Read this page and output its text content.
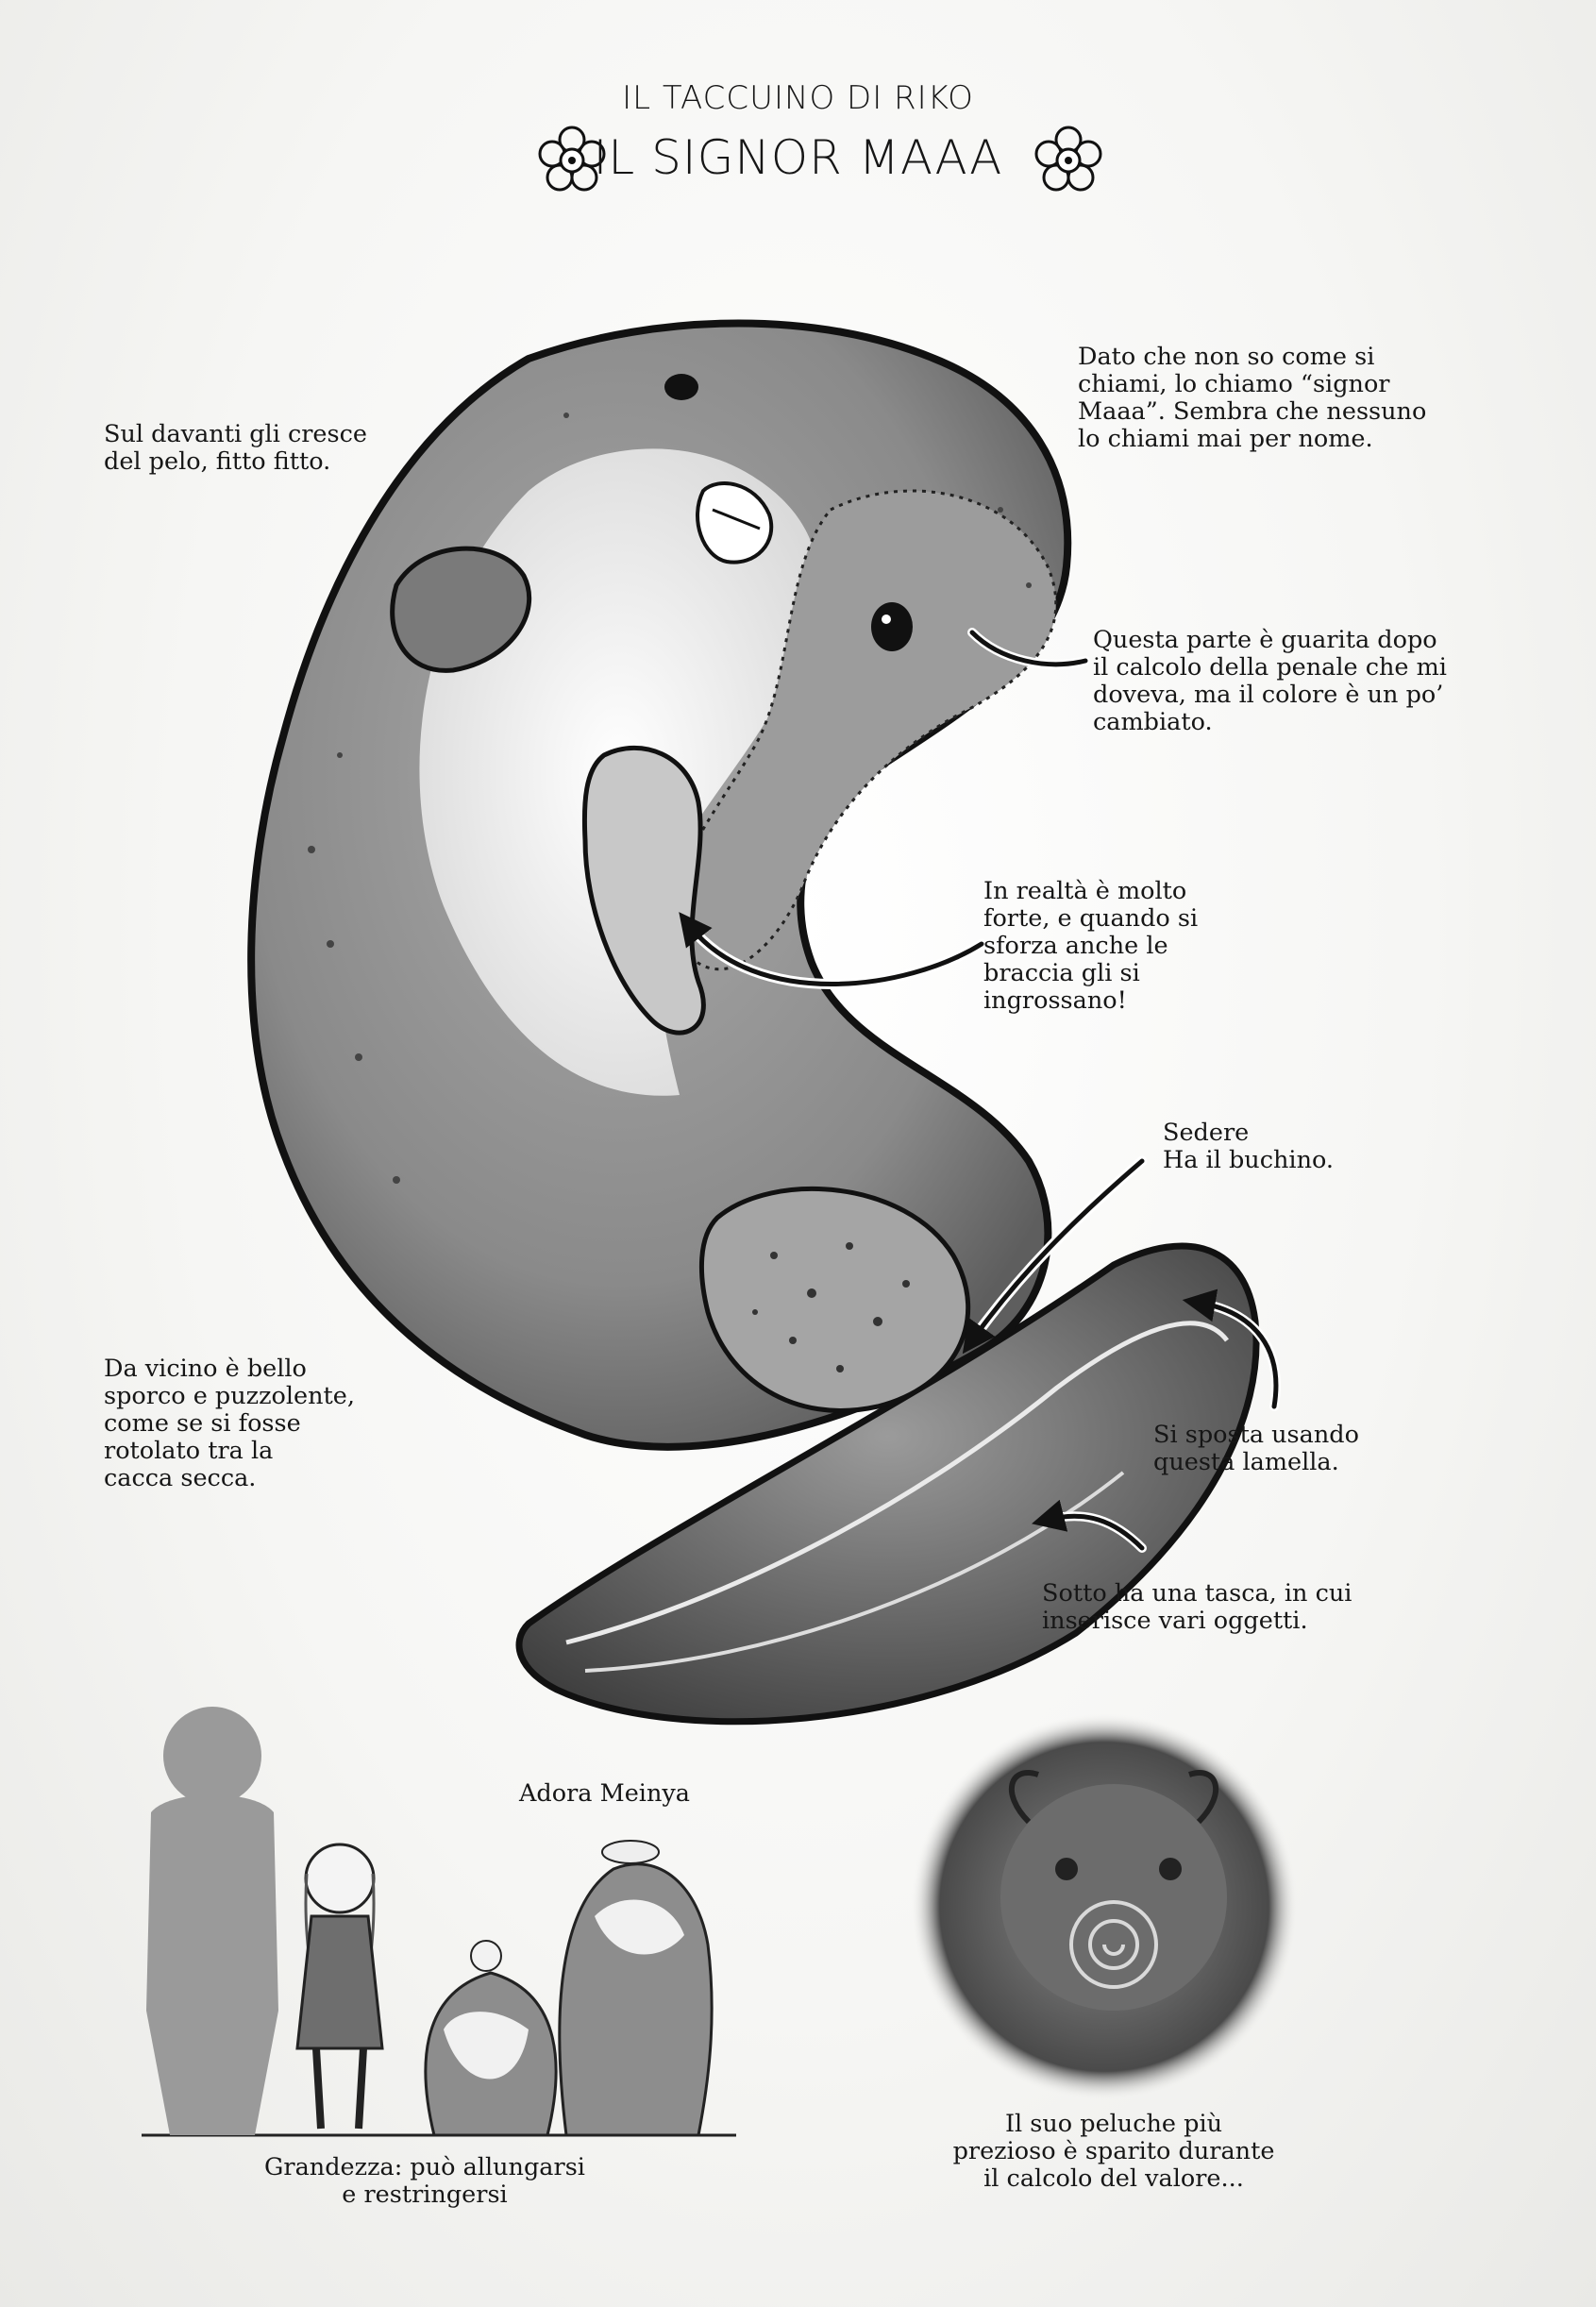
IL TACCUINO DI RIKO
IL SIGNOR MAAA
Sul davanti gli cresce
del pelo, fitto fitto.
Dato che non so come si
chiami, lo chiamo “signor
Maaa”. Sembra che nessuno
lo chiami mai per nome.
Questa parte è guarita dopo
il calcolo della penale che mi
doveva, ma il colore è un po’
cambiato.
In realtà è molto
forte, e quando si
sforza anche le
braccia gli si
ingrossano!
Sedere
Ha il buchino.
Da vicino è bello
sporco e puzzolente,
come se si fosse
rotolato tra la
cacca secca.
Si sposta usando
questa lamella.
Sotto ha una tasca, in cui
inserisce vari oggetti.
Adora Meinya
Grandezza: può allungarsi
e restringersi
Il suo peluche più
prezioso è sparito durante
il calcolo del valore...
